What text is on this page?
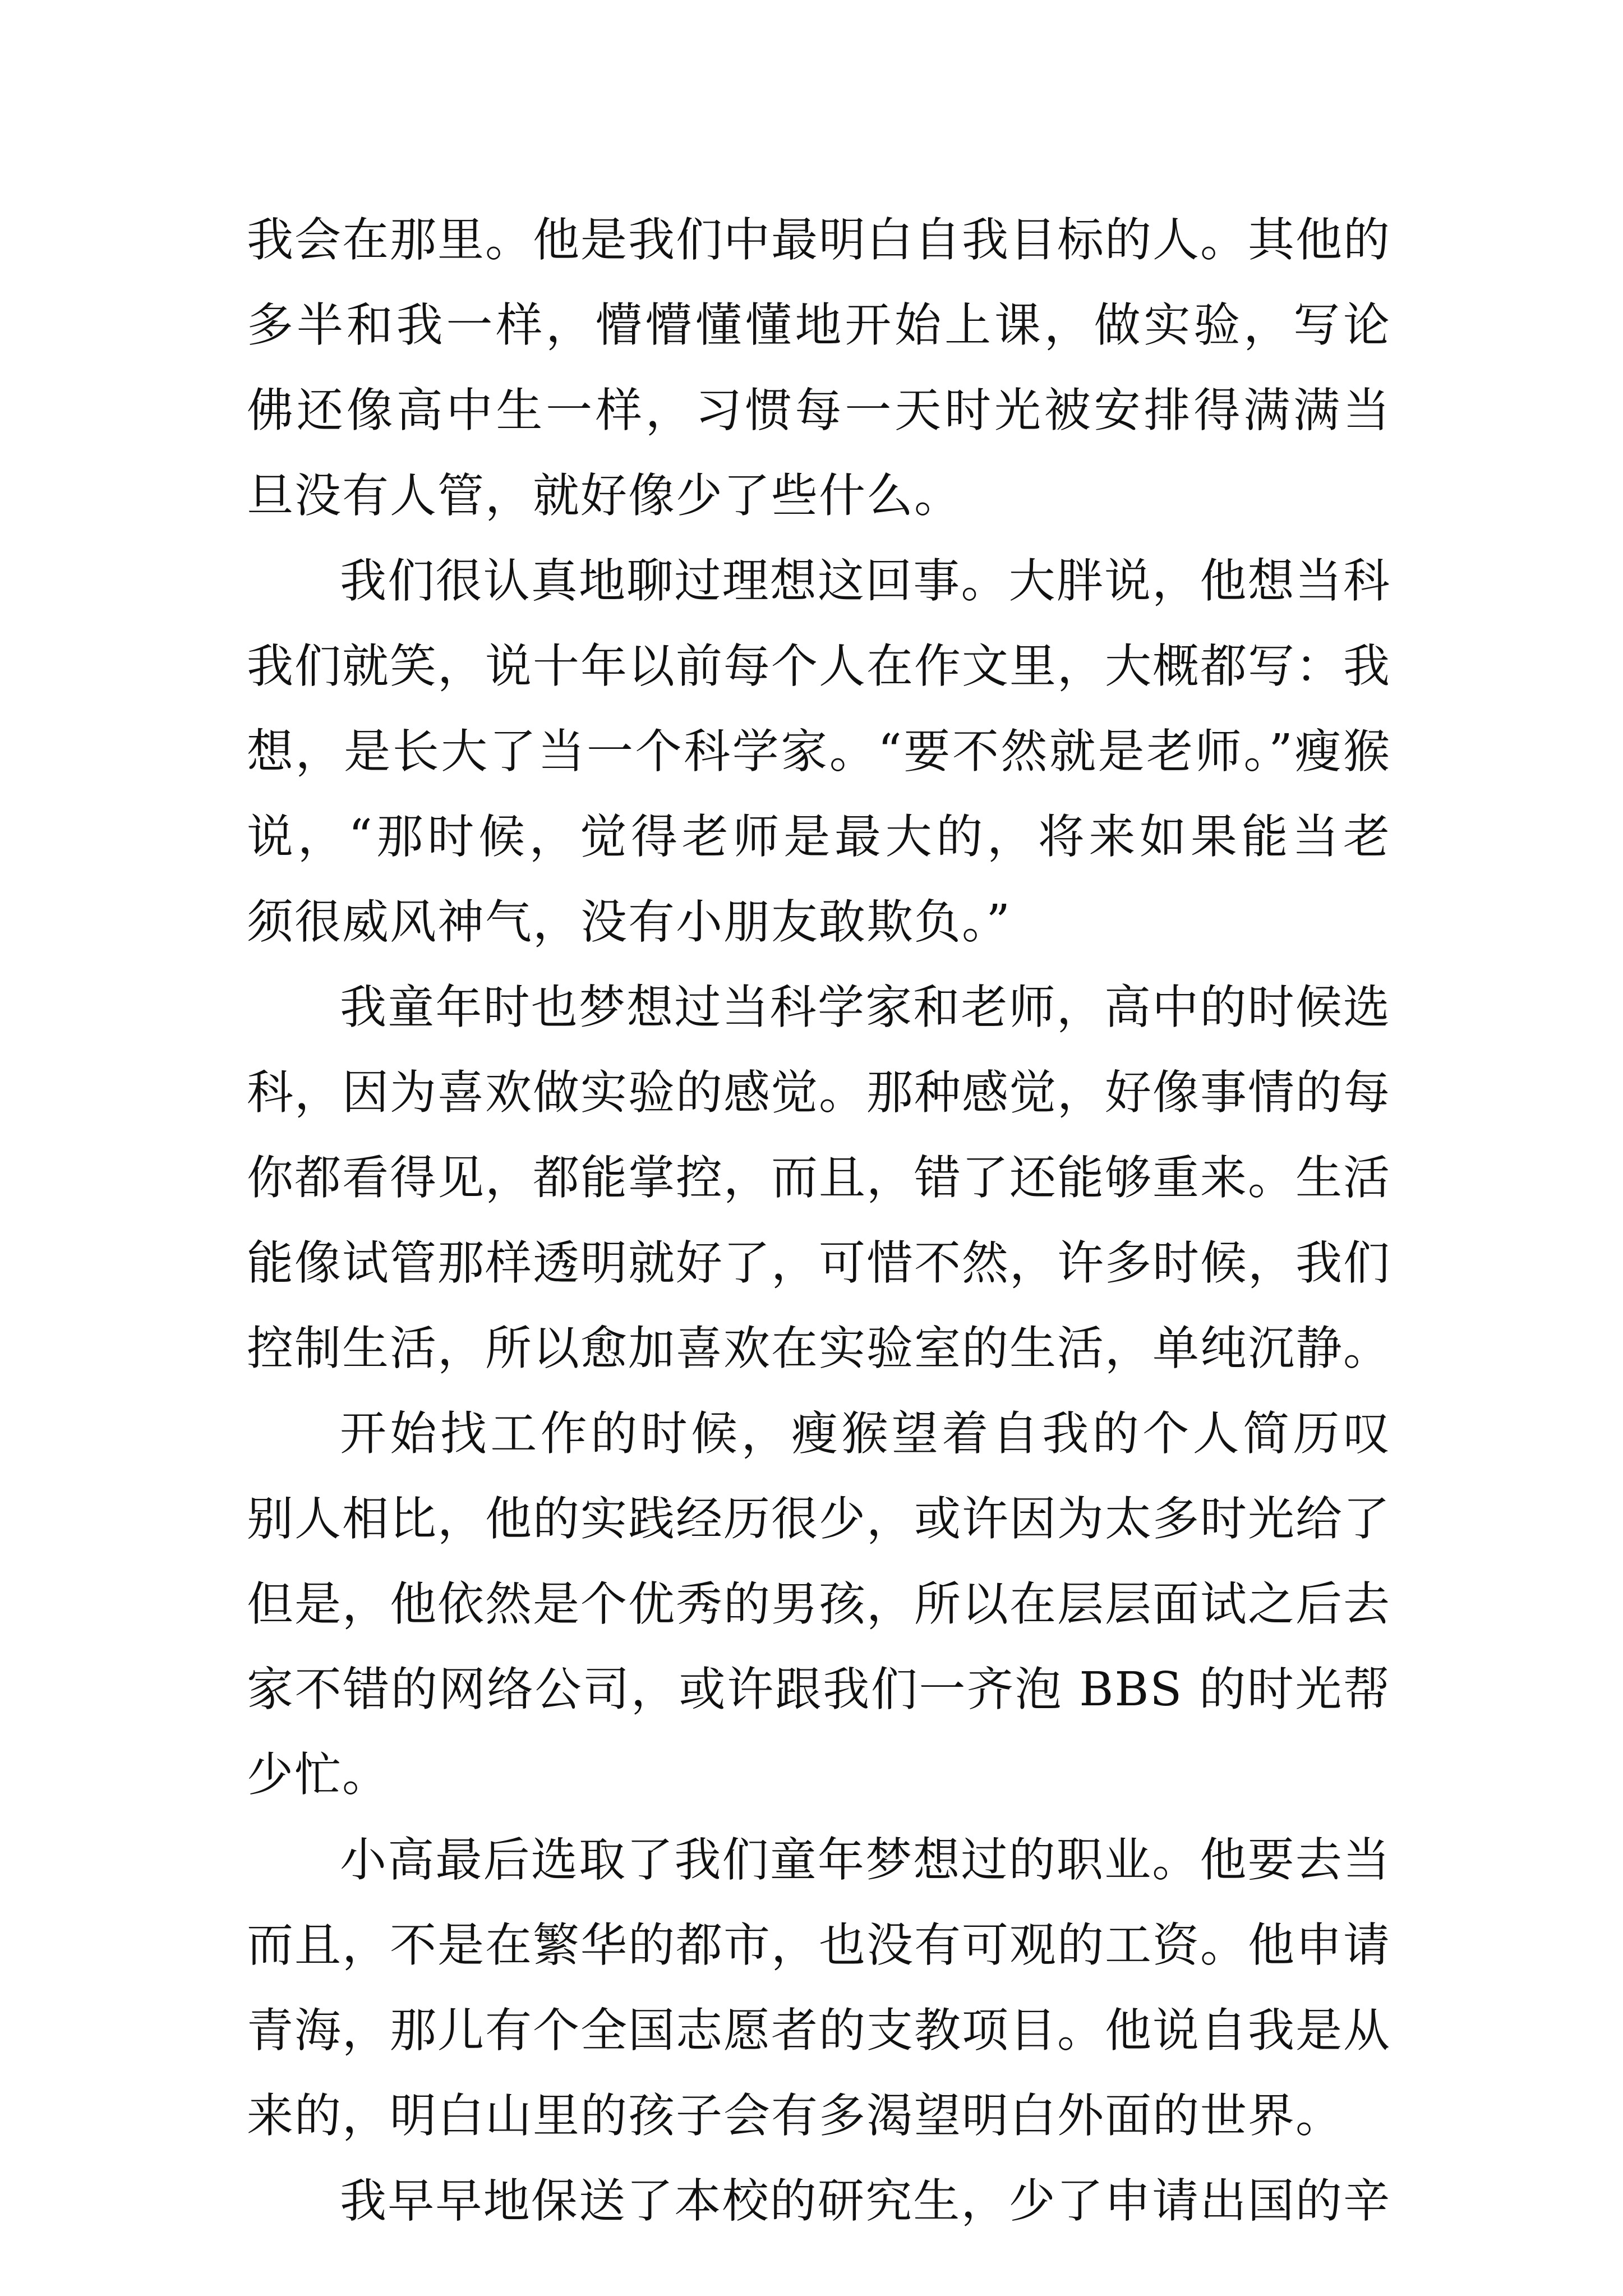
我会在那里。他是我们中最明白自我目标的人。其他的
多半和我一样，懵懵懂懂地开始上课，做实验，写论
佛还像高中生一样，习惯每一天时光被安排得满满当
旦没有人管，就好像少了些什么。
我们很认真地聊过理想这回事。大胖说，他想当科
我们就笑，说十年以前每个人在作文里，大概都写：我
想，是长大了当一个科学家。“要不然就是老师。”瘦猴
说，“那时候，觉得老师是最大的，将来如果能当老
须很威风神气，没有小朋友敢欺负。”
我童年时也梦想过当科学家和老师，高中的时候选
科，因为喜欢做实验的感觉。那种感觉，好像事情的每
你都看得见，都能掌控，而且，错了还能够重来。生活
能像试管那样透明就好了，可惜不然，许多时候，我们
控制生活，所以愈加喜欢在实验室的生活，单纯沉静。
开始找工作的时候，瘦猴望着自我的个人简历叹
别人相比，他的实践经历很少，或许因为太多时光给了
但是，他依然是个优秀的男孩，所以在层层面试之后去
家不错的网络公司，或许跟我们一齐泡 BBS 的时光帮
少忙。
小高最后选取了我们童年梦想过的职业。他要去当
而且，不是在繁华的都市，也没有可观的工资。他申请
青海，那儿有个全国志愿者的支教项目。他说自我是从
来的，明白山里的孩子会有多渴望明白外面的世界。
我早早地保送了本校的研究生，少了申请出国的辛
